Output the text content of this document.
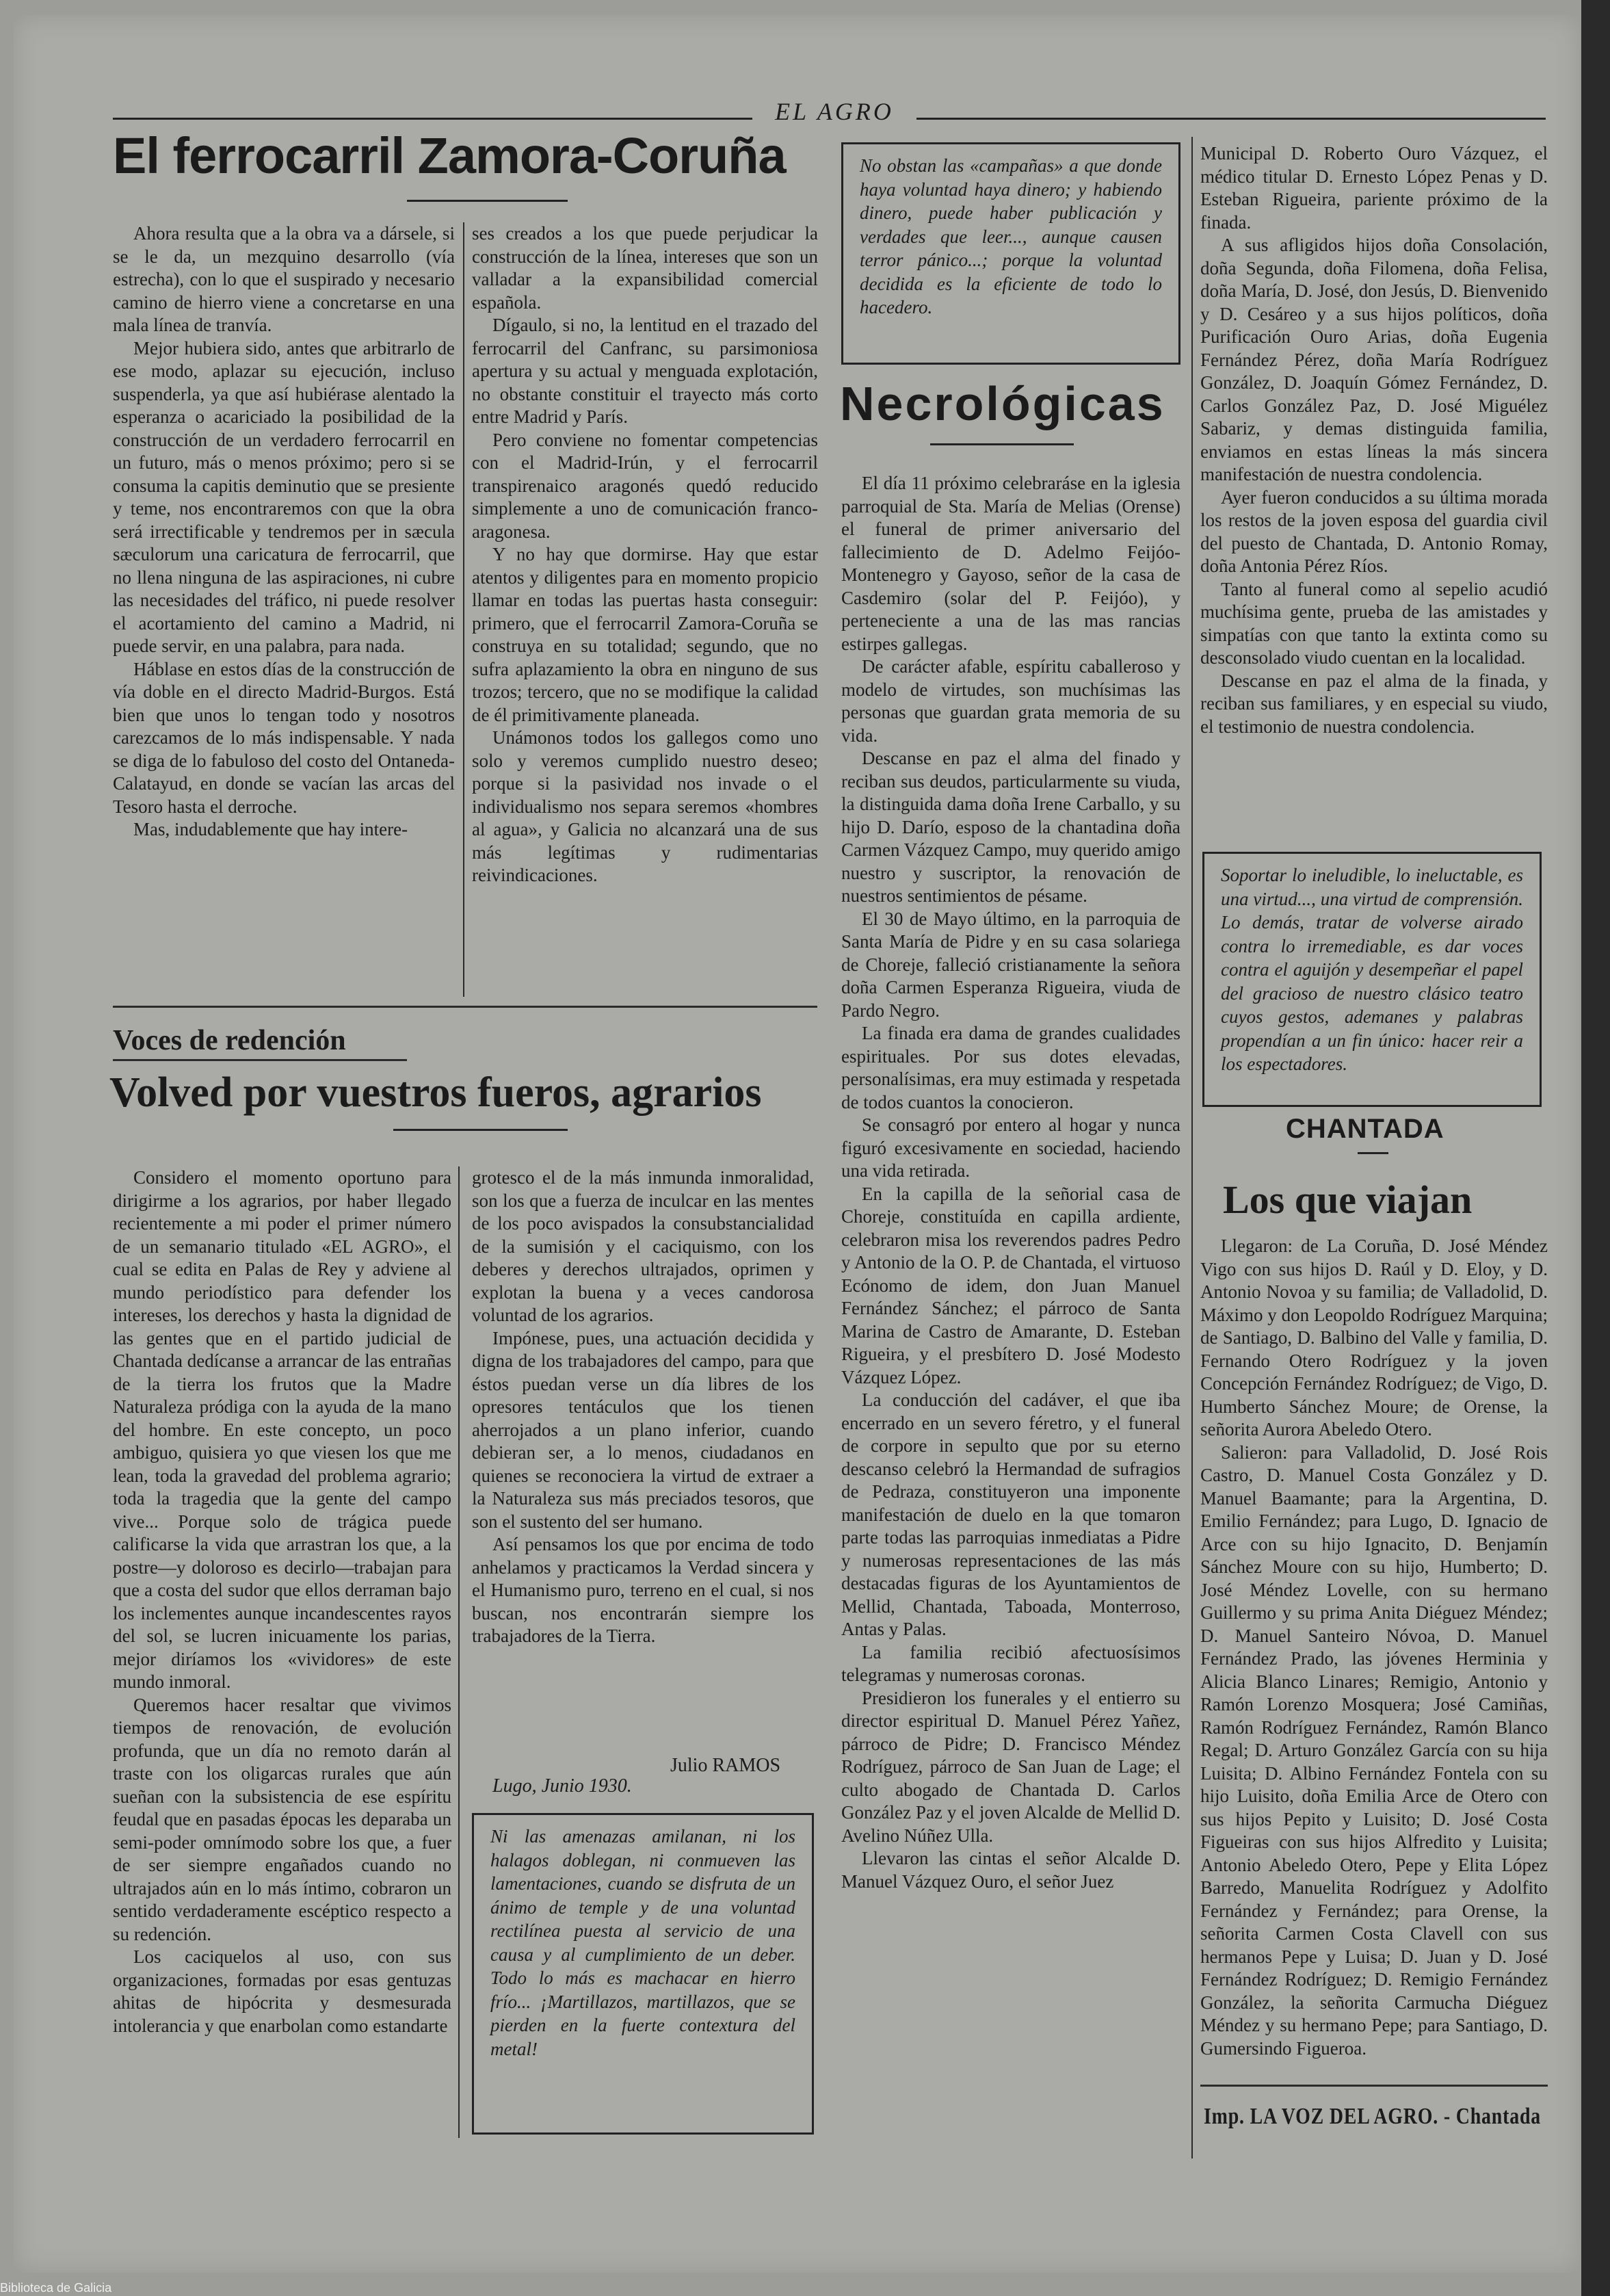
EL AGRO
El ferrocarril Zamora-Coruña

Ahora resulta que a la obra va a dársele, si se le da, un mezquino desarrollo (vía estrecha), con lo que el suspirado y necesario camino de hierro viene a concretarse en una mala línea de tranvía.

Mejor hubiera sido, antes que arbitrarlo de ese modo, aplazar su ejecución, incluso suspenderla, ya que así hubiérase alentado la esperanza o acariciado la posibilidad de la construcción de un verdadero ferrocarril en un futuro, más o menos próximo; pero si se consuma la capitis deminutio que se presiente y teme, nos encontraremos con que la obra será irrectificable y tendremos per in sæcula sæculorum una caricatura de ferrocarril, que no llena ninguna de las aspiraciones, ni cubre las necesidades del tráfico, ni puede resolver el acortamiento del camino a Madrid, ni puede servir, en una palabra, para nada.

Háblase en estos días de la construcción de vía doble en el directo Madrid-Burgos. Está bien que unos lo tengan todo y nosotros carezcamos de lo más indispensable. Y nada se diga de lo fabuloso del costo del Ontaneda-Calatayud, en donde se vacían las arcas del Tesoro hasta el derroche.

Mas, indudablemente que hay intere-

ses creados a los que puede perjudicar la construcción de la línea, intereses que son un valladar a la expansibilidad comercial española.

Dígaulo, si no, la lentitud en el trazado del ferrocarril del Canfranc, su parsimoniosa apertura y su actual y menguada explotación, no obstante constituir el trayecto más corto entre Madrid y París.

Pero conviene no fomentar competencias con el Madrid-Irún, y el ferrocarril transpirenaico aragonés quedó reducido simplemente a uno de comunicación franco-aragonesa.

Y no hay que dormirse. Hay que estar atentos y diligentes para en momento propicio llamar en todas las puertas hasta conseguir: primero, que el ferrocarril Zamora-Coruña se construya en su totalidad; segundo, que no sufra aplazamiento la obra en ninguno de sus trozos; tercero, que no se modifique la calidad de él primitivamente planeada.

Unámonos todos los gallegos como uno solo y veremos cumplido nuestro deseo; porque si la pasividad nos invade o el individualismo nos separa seremos «hombres al agua», y Galicia no alcanzará una de sus más legítimas y rudimentarias reivindicaciones.

Voces de redención
Volved por vuestros fueros, agrarios

Considero el momento oportuno para dirigirme a los agrarios, por haber llegado recientemente a mi poder el primer número de un semanario titulado «EL AGRO», el cual se edita en Palas de Rey y adviene al mundo periodístico para defender los intereses, los derechos y hasta la dignidad de las gentes que en el partido judicial de Chantada dedícanse a arrancar de las entrañas de la tierra los frutos que la Madre Naturaleza pródiga con la ayuda de la mano del hombre. En este concepto, un poco ambiguo, quisiera yo que viesen los que me lean, toda la gravedad del problema agrario; toda la tragedia que la gente del campo vive... Porque solo de trágica puede calificarse la vida que arrastran los que, a la postre—y doloroso es decirlo—trabajan para que a costa del sudor que ellos derraman bajo los inclementes aunque incandescentes rayos del sol, se lucren inicuamente los parias, mejor diríamos los «vividores» de este mundo inmoral.

Queremos hacer resaltar que vivimos tiempos de renovación, de evolución profunda, que un día no remoto darán al traste con los oligarcas rurales que aún sueñan con la subsistencia de ese espíritu feudal que en pasadas épocas les deparaba un semi-poder omnímodo sobre los que, a fuer de ser siempre engañados cuando no ultrajados aún en lo más íntimo, cobraron un sentido verdaderamente escéptico respecto a su redención.

Los caciquelos al uso, con sus organizaciones, formadas por esas gentuzas ahitas de hipócrita y desmesurada intolerancia y que enarbolan como estandarte

grotesco el de la más inmunda inmoralidad, son los que a fuerza de inculcar en las mentes de los poco avispados la consubstancialidad de la sumisión y el caciquismo, con los deberes y derechos ultrajados, oprimen y explotan la buena y a veces candorosa voluntad de los agrarios.

Impónese, pues, una actuación decidida y digna de los trabajadores del campo, para que éstos puedan verse un día libres de los opresores tentáculos que los tienen aherrojados a un plano inferior, cuando debieran ser, a lo menos, ciudadanos en quienes se reconociera la virtud de extraer a la Naturaleza sus más preciados tesoros, que son el sustento del ser humano.

Así pensamos los que por encima de todo anhelamos y practicamos la Verdad sincera y el Humanismo puro, terreno en el cual, si nos buscan, nos encontrarán siempre los trabajadores de la Tierra.

Julio RAMOS
Lugo, Junio 1930.

Ni las amenazas amilanan, ni los halagos doblegan, ni conmueven las lamentaciones, cuando se disfruta de un ánimo de temple y de una voluntad rectilínea puesta al servicio de una causa y al cumplimiento de un deber. Todo lo más es machacar en hierro frío... ¡Martillazos, martillazos, que se pierden en la fuerte contextura del metal!

No obstan las «campañas» a que donde haya voluntad haya dinero; y habiendo dinero, puede haber publicación y verdades que leer..., aunque causen terror pánico...; porque la voluntad decidida es la eficiente de todo lo hacedero.

Necrológicas

El día 11 próximo celebraráse en la iglesia parroquial de Sta. María de Melias (Orense) el funeral de primer aniversario del fallecimiento de D. Adelmo Feijóo-Montenegro y Gayoso, señor de la casa de Casdemiro (solar del P. Feijóo), y perteneciente a una de las mas rancias estirpes gallegas.

De carácter afable, espíritu caballeroso y modelo de virtudes, son muchísimas las personas que guardan grata memoria de su vida.

Descanse en paz el alma del finado y reciban sus deudos, particularmente su viuda, la distinguida dama doña Irene Carballo, y su hijo D. Darío, esposo de la chantadina doña Carmen Vázquez Campo, muy querido amigo nuestro y suscriptor, la renovación de nuestros sentimientos de pésame.

El 30 de Mayo último, en la parroquia de Santa María de Pidre y en su casa solariega de Choreje, falleció cristianamente la señora doña Carmen Esperanza Rigueira, viuda de Pardo Negro.

La finada era dama de grandes cualidades espirituales. Por sus dotes elevadas, personalísimas, era muy estimada y respetada de todos cuantos la conocieron.

Se consagró por entero al hogar y nunca figuró excesivamente en sociedad, haciendo una vida retirada.

En la capilla de la señorial casa de Choreje, constituída en capilla ardiente, celebraron misa los reverendos padres Pedro y Antonio de la O. P. de Chantada, el virtuoso Ecónomo de idem, don Juan Manuel Fernández Sánchez; el párroco de Santa Marina de Castro de Amarante, D. Esteban Rigueira, y el presbítero D. José Modesto Vázquez López.

La conducción del cadáver, el que iba encerrado en un severo féretro, y el funeral de corpore in sepulto que por su eterno descanso celebró la Hermandad de sufragios de Pedraza, constituyeron una imponente manifestación de duelo en la que tomaron parte todas las parroquias inmediatas a Pidre y numerosas representaciones de las más destacadas figuras de los Ayuntamientos de Mellid, Chantada, Taboada, Monterroso, Antas y Palas.

La familia recibió afectuosísimos telegramas y numerosas coronas.

Presidieron los funerales y el entierro su director espiritual D. Manuel Pérez Yañez, párroco de Pidre; D. Francisco Méndez Rodríguez, párroco de San Juan de Lage; el culto abogado de Chantada D. Carlos González Paz y el joven Alcalde de Mellid D. Avelino Núñez Ulla.

Llevaron las cintas el señor Alcalde D. Manuel Vázquez Ouro, el señor Juez

Municipal D. Roberto Ouro Vázquez, el médico titular D. Ernesto López Penas y D. Esteban Rigueira, pariente próximo de la finada.

A sus afligidos hijos doña Consolación, doña Segunda, doña Filomena, doña Felisa, doña María, D. José, don Jesús, D. Bienvenido y D. Cesáreo y a sus hijos políticos, doña Purificación Ouro Arias, doña Eugenia Fernández Pérez, doña María Rodríguez González, D. Joaquín Gómez Fernández, D. Carlos González Paz, D. José Miguélez Sabariz, y demas distinguida familia, enviamos en estas líneas la más sincera manifestación de nuestra condolencia.

Ayer fueron conducidos a su última morada los restos de la joven esposa del guardia civil del puesto de Chantada, D. Antonio Romay, doña Antonia Pérez Ríos.

Tanto al funeral como al sepelio acudió muchísima gente, prueba de las amistades y simpatías con que tanto la extinta como su desconsolado viudo cuentan en la localidad.

Descanse en paz el alma de la finada, y reciban sus familiares, y en especial su viudo, el testimonio de nuestra condolencia.

Soportar lo ineludible, lo ineluctable, es una virtud..., una virtud de comprensión. Lo demás, tratar de volverse airado contra lo irremediable, es dar voces contra el aguijón y desempeñar el papel del gracioso de nuestro clásico teatro cuyos gestos, ademanes y palabras propendían a un fin único: hacer reir a los espectadores.

CHANTADA
Los que viajan

Llegaron: de La Coruña, D. José Méndez Vigo con sus hijos D. Raúl y D. Eloy, y D. Antonio Novoa y su familia; de Valladolid, D. Máximo y don Leopoldo Rodríguez Marquina; de Santiago, D. Balbino del Valle y familia, D. Fernando Otero Rodríguez y la joven Concepción Fernández Rodríguez; de Vigo, D. Humberto Sánchez Moure; de Orense, la señorita Aurora Abeledo Otero.

Salieron: para Valladolid, D. José Rois Castro, D. Manuel Costa González y D. Manuel Baamante; para la Argentina, D. Emilio Fernández; para Lugo, D. Ignacio de Arce con su hijo Ignacito, D. Benjamín Sánchez Moure con su hijo, Humberto; D. José Méndez Lovelle, con su hermano Guillermo y su prima Anita Diéguez Méndez; D. Manuel Santeiro Nóvoa, D. Manuel Fernández Prado, las jóvenes Herminia y Alicia Blanco Linares; Remigio, Antonio y Ramón Lorenzo Mosquera; José Camiñas, Ramón Rodríguez Fernández, Ramón Blanco Regal; D. Arturo González García con su hija Luisita; D. Albino Fernández Fontela con su hijo Luisito, doña Emilia Arce de Otero con sus hijos Pepito y Luisito; D. José Costa Figueiras con sus hijos Alfredito y Luisita; Antonio Abeledo Otero, Pepe y Elita López Barredo, Manuelita Rodríguez y Adolfito Fernández y Fernández; para Orense, la señorita Carmen Costa Clavell con sus hermanos Pepe y Luisa; D. Juan y D. José Fernández Rodríguez; D. Remigio Fernández González, la señorita Carmucha Diéguez Méndez y su hermano Pepe; para Santiago, D. Gumersindo Figueroa.

Imp. LA VOZ DEL AGRO. - Chantada
Biblioteca de Galicia
